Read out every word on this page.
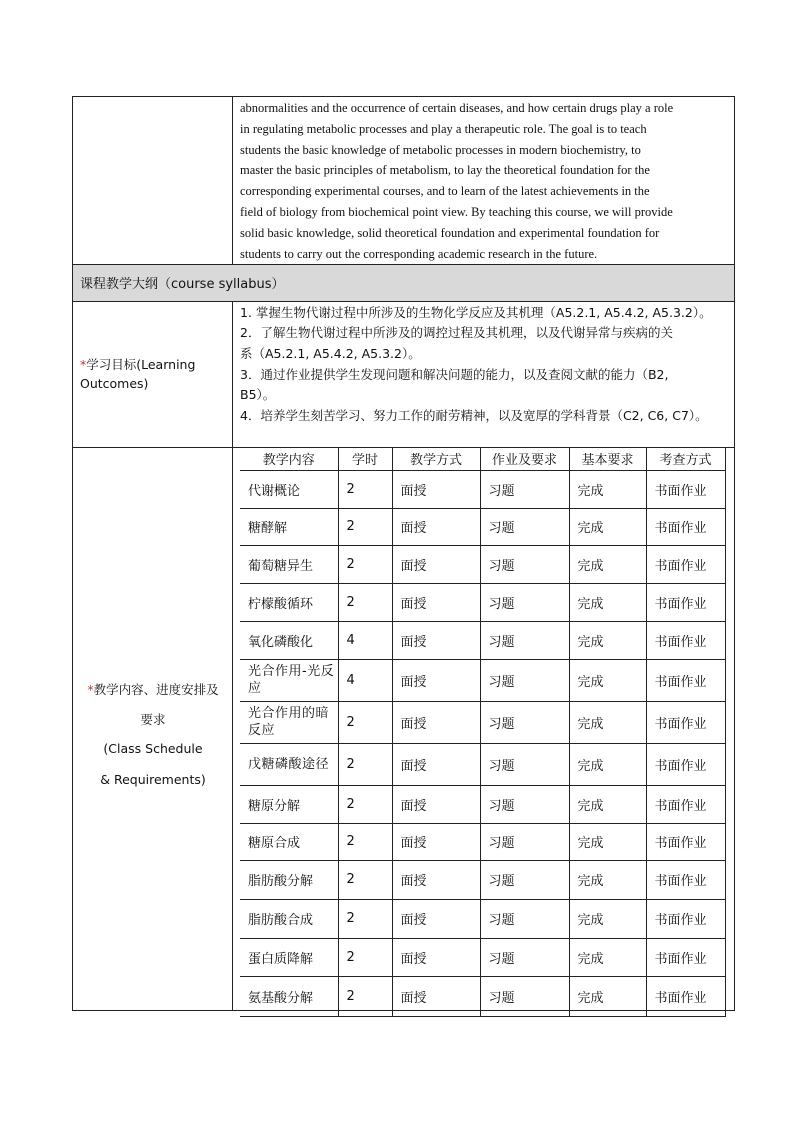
abnormalities and the occurrence of certain diseases, and how certain drugs play a role
in regulating metabolic processes and play a therapeutic role. The goal is to teach
students the basic knowledge of metabolic processes in modern biochemistry, to
master the basic principles of metabolism, to lay the theoretical foundation for the
corresponding experimental courses, and to learn of the latest achievements in the
field of biology from biochemical point view. By teaching this course, we will provide
solid basic knowledge, solid theoretical foundation and experimental foundation for
students to carry out the corresponding academic research in the future.
课程教学大纲（course syllabus）
*学习目标(Learning
Outcomes)
1. 掌握生物代谢过程中所涉及的生物化学反应及其机理（A5.2.1, A5.4.2, A5.3.2）。
2．了解生物代谢过程中所涉及的调控过程及其机理，以及代谢异常与疾病的关
系（A5.2.1, A5.4.2, A5.3.2）。
3．通过作业提供学生发现问题和解决问题的能力，以及查阅文献的能力（B2,
B5）。
4．培养学生刻苦学习、努力工作的耐劳精神，以及宽厚的学科背景（C2, C6, C7）。
*教学内容、进度安排及
要求
(Class Schedule
& Requirements)
教学内容	学时	教学方式	作业及要求	基本要求	考查方式
代谢概论	2	面授	习题	完成	书面作业
糖酵解	2	面授	习题	完成	书面作业
葡萄糖异生	2	面授	习题	完成	书面作业
柠檬酸循环	2	面授	习题	完成	书面作业
氧化磷酸化	4	面授	习题	完成	书面作业
光合作用-光反应	4	面授	习题	完成	书面作业
光合作用的暗反应	2	面授	习题	完成	书面作业
戊糖磷酸途径	2	面授	习题	完成	书面作业
糖原分解	2	面授	习题	完成	书面作业
糖原合成	2	面授	习题	完成	书面作业
脂肪酸分解	2	面授	习题	完成	书面作业
脂肪酸合成	2	面授	习题	完成	书面作业
蛋白质降解	2	面授	习题	完成	书面作业
氨基酸分解	2	面授	习题	完成	书面作业
